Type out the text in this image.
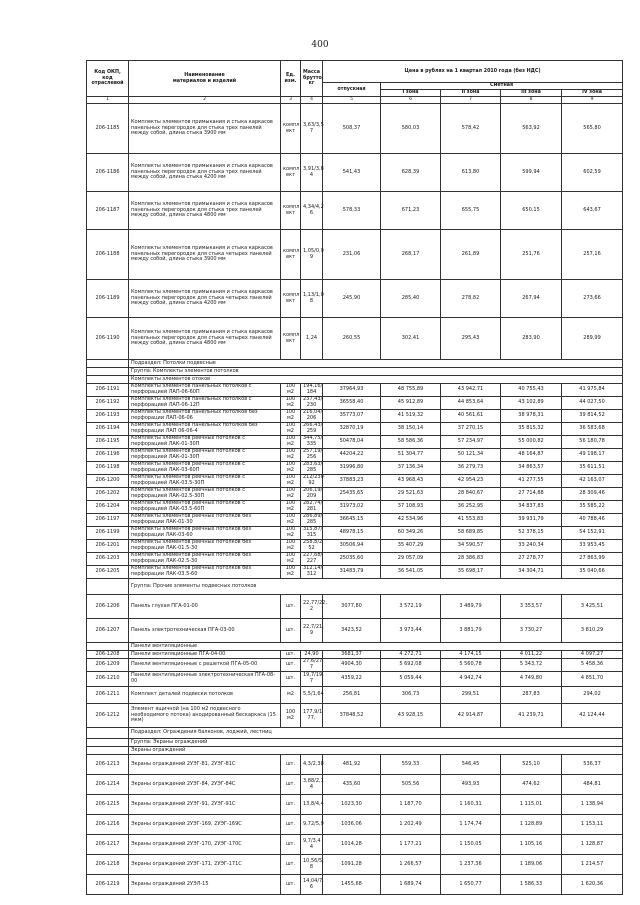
400
Код ОКП,
код
отраслевой	Наименование
материалов и изделий	Ед.
изм.	Масса
брутто,
кг	Цена в рублях на 1 квартал 2010 года (без НДС)				
				отпускная	Сметная			
					I зона	II зона	III зона	IV зона
1	2	3	4	5	6	7	8	9
206-1185	Комплекты элементов примыкания и стыка каркасов панельных перегородок для стыка трех панелей между собой, длина стыка 3900 мм	компл ект	3,63/3,5 7	508,37	580,03	578,42	563,92	565,80
206-1186	Комплекты элементов примыкания и стыка каркасов панельных перегородок для стыка трех панелей между собой, длина стыка 4200 мм	компл ект	3,91/3,8 4	541,43	628,39	613,80	599,94	602,59
206-1187	Комплекты элементов примыкания и стыка каркасов панельных перегородок для стыка трех панелей между собой, длина стыка 4800 мм	компл ект	4,34/4,2 6	578,33	671,23	655,75	650,15	643,67
206-1188	Комплекты элементов примыкания и стыка каркасов панельных перегородок для стыка четырех панелей между собой, длина стыка 3900 мм	компл ект	1,05/0,9 9	231,06	268,17	261,89	251,76	257,16
206-1189	Комплекты элементов примыкания и стыка каркасов панельных перегородок для стыка четырех панелей между собой, длина стыка 4200 мм	компл ект	1,13/1,0 8	245,90	285,40	278,82	267,94	273,66
206-1190	Комплекты элементов примыкания и стыка каркасов панельных перегородок для стыка четырех панелей между собой, длина стыка 4800 мм	компл ект	1,24	260,55	302,41	295,43	283,90	289,99
	Подраздел: Потолки подвесные							
	Группа: Комплекты элементов потолков							
	Комплекты элементов отоков							
206-1191	Комплекты элементов панельных потолков с перфорацией ЛАП-06-60П	100 м2	194,16/ 184	37964,93	48 755,89	43 942,71	40 755,43	41 975,84
206-1192	Комплекты элементов панельных потолков с перфорацией ЛАП-06-12П	100 м2	237,43/ 230	36558,40	45 912,89	44 853,64	43 102,89	44 027,50
206-1193	Комплекты элементов панельных потолков без перфорации ЛАП-06-06	100 м2	216,04/ 206	35773,07	41 519,32	40 561,61	38 978,31	39 814,52
206-1194	Комплекты элементов панельных потолков без перфорации ЛАП 06-06-4	100 м2	266,43/ 259	32870,19	38 150,14	37 270,15	35 815,32	36 583,68
206-1195	Комплекты элементов реечных потолков с перфорацией ЛАК-01-30П	100 м2	344,75/ 335	50478,04	58 586,36	57 234,97	55 000,82	56 180,78
206-1196	Комплекты элементов реечных потолков с перфорацией ЛАК-01-30П	100 м2	257,19/ 256	44204,22	51 304,77	50 121,34	48 164,87	49 198,17
206-1198	Комплекты элементов реечных потолков с перфорацией ЛАК-03-60П	100 м2	283,63/ 285	31996,80	37 136,34	36 279,73	34 863,57	35 611,51
206-1200	Комплекты элементов реечных потолков с перфорацией ЛАК-03.5-30П	100 м2	212/230 92	37883,23	43 968,43	42 954,23	41 277,55	42 163,07
206-1202	Комплекты элементов реечных потолков с перфорацией ЛАК-02.5-30П	100 м2	206,19/ 209	25435,65	29 521,63	28 840,67	27 714,88	28 309,46
206-1204	Комплекты элементов реечных потолков с перфорацией ЛАК-03.5-60П	100 м2	282,74/ 281	31973,02	37 108,93	36 252,95	34 837,83	35 585,22
206-1197	Комплекты элементов реечных потолков без перфорации ЛАК-01-30	100 м2	286,89/ 285	36645,15	42 534,96	41 553,83	39 931,79	40 788,46
206-1199	Комплекты элементов реечных потолков без перфорации ЛАК-03-60	100 м2	315,87/ 315	48978,15	60 349,26	58 689,85	52 378,15	54 152,91
206-1201	Комплекты элементов реечных потолков без перфорации ЛАК-01.5-30	100 м2	258,8/2 52	30506,94	35 407,29	34 590,57	33 240,34	33 953,45
206-1203	Комплекты элементов реечных потолков без перфорации ЛАК-02.5-30	100 м2	227,68/ 227	25035,60	29 057,09	28 386,83	27 278,77	27 863,99
206-1205	Комплекты элементов реечных потолков без перфорации ЛАК-03.5-60	100 м2	312,14/ 312	31483,79	36 541,05	35 698,17	34 304,71	35 040,66
	Группа: Прочие элементы подвесных потолков							
206-1206	Панель глухая ПГА-01-00	шт.	22,77/22, 2	3077,80	3 572,19	3 489,79	3 353,57	3 425,51
206-1207	Панель электротехническая ПГА-03-00	шт.	22,7/21, 9	3423,52	3 973,44	3 881,79	3 730,27	3 810,29
	Панели вентиляционные							
206-1208	Панели вентиляционные ПГА-04-00	шт.	24,90	3681,37	4 272,71	4 174,15	4 011,22	4 097,27
206-1209	Панели вентиляционные с решеткой ПГА-05-00	шт.	27,6/27, 7	4904,30	5 692,08	5 560,78	5 343,72	5 458,36
206-1210	Панели вентиляционные электротехническая ПГА-08-00	шт.	19,7/19, 7	4359,22	5 059,44	4 942,74	4 749,80	4 851,70
206-1211	Комплект деталей подвески потолков	м2	5,5/1,64	256,81	306,73	299,51	287,83	294,02
206-1212	Элемент ящичной (на 100 м2 подвесного необходимого потока) анодированный бескаркаса (15 мкм)	100 м2	177,9/1 77,	37848,52	43 928,15	42 914,87	41 239,71	42 124,44
	Подраздел: Ограждения балконов, лоджий, лестниц							
	Группа: Экраны ограждений							
	Экраны ограждений							
206-1213	Экраны ограждений 2УЭГ-81, 2УЭГ-81С	шт.	4,3/2,38	481,92	559,33	546,45	525,10	536,37
206-1214	Экраны ограждений 2УЭГ-84, 2УЭГ-84С	шт.	3,88/2,1 4	435,60	505,56	493,93	474,62	484,81
206-1215	Экраны ограждений 2УЭГ-91, 2УЭГ-91С	шт.	13,8/4,4	1023,30	1 187,70	1 160,31	1 115,01	1 138,94
206-1216	Экраны ограждений 2УЭГ-169, 2УЭГ-169С	шт.	9,72/5,9	1036,06	1 202,49	1 174,74	1 128,89	1 153,11
206-1217	Экраны ограждений 2УЭГ-170, 2УЭГ-170С	шт.	9,7/3,4 4	1014,28	1 177,21	1 150,05	1 105,16	1 128,87
206-1218	Экраны ограждений 2УЭГ-171, 2УЭГ-171С	шт.	10,56/5, 8	1091,28	1 266,57	1 237,36	1 189,06	1 214,57
206-1219	Экраны ограждений 2УЭЛ-15	шт.	14,04/7, 6	1455,68	1 689,74	1 650,77	1 586,33	1 620,36
